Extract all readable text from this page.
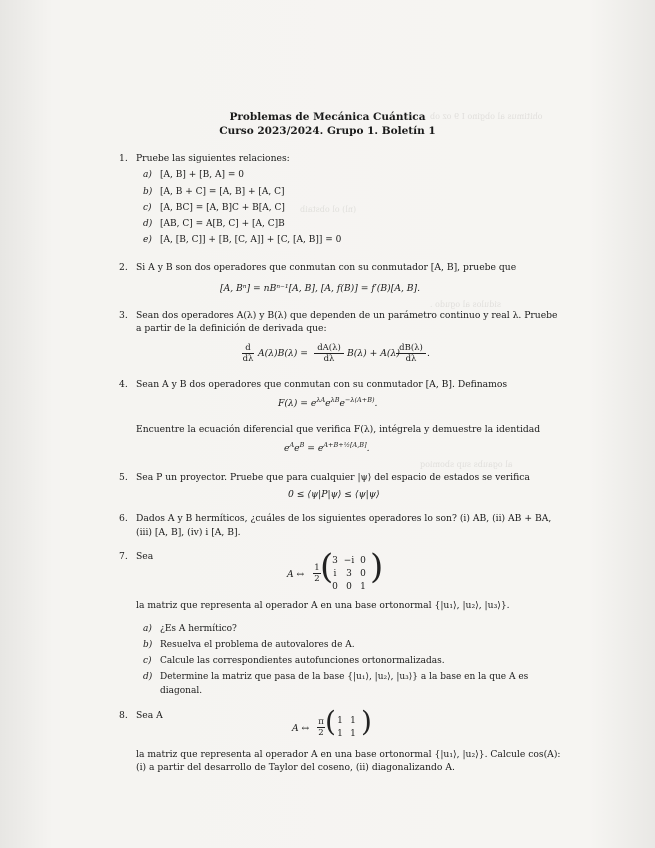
ohitimus al obgino I 9 oz ob
(nl) ol obstaib
sidulos al ogudo .
al ogaubs sup sbomioq
Problemas de Mecánica Cuántica
Curso 2023/2024. Grupo 1. Boletín 1
1. Pruebe las siguientes relaciones:
a) [A, B] + [B, A] = 0
b) [A, B + C] = [A, B] + [A, C]
c) [A, BC] = [A, B]C + B[A, C]
d) [AB, C] = A[B, C] + [A, C]B
e) [A, [B, C]] + [B, [C, A]] + [C, [A, B]] = 0
2. Si A y B son dos operadores que conmutan con su conmutador [A, B], pruebe que
[A, Bⁿ] = nBⁿ⁻¹[A, B], [A, f(B)] = f′(B)[A, B].
3. Sean dos operadores A(λ) y B(λ) que dependen de un parámetro continuo y real λ. Pruebe
a partir de la definición de derivada que:
d
dλ A(λ)B(λ) = dA(λ)
dλ B(λ) + A(λ) dB(λ)
dλ .
4. Sean A y B dos operadores que conmutan con su conmutador [A, B]. Definamos
$F(\lambda) = e^{\lambda A}e^{\lambda B}e^{-\lambda(A+B)}$.
Encuentre la ecuación diferencial que verifica F(λ), intégrela y demuestre la identidad
$e^Ae^B = e^{A+B+\frac{1}{2}[A,B]}$.
5. Sea P un proyector. Pruebe que para cualquier |ψ⟩ del espacio de estados se verifica
0 ≤ ⟨ψ|P|ψ⟩ ≤ ⟨ψ|ψ⟩
6. Dados A y B hermíticos, ¿cuáles de los siguientes operadores lo son? (i) AB, (ii) AB + BA,
(iii) [A, B], (iv) i [A, B].
7. Sea
A ↔
1
2 (
3 −i 0
i	3 0
0 0 1 )
la matriz que representa al operador A en una base ortonormal {|u₁⟩, |u₂⟩, |u₃⟩}.
a) ¿Es A hermítico?
b) Resuelva el problema de autovalores de A.
c) Calcule las correspondientes autofunciones ortonormalizadas.
d) Determine la matriz que pasa de la base {|u₁⟩, |u₂⟩, |u₃⟩} a la base en la que A es
diagonal.
8. Sea A
A ↔
π
2 ( 1 1
1 1 )
la matriz que representa al operador A en una base ortonormal {|u₁⟩, |u₂⟩}. Calcule cos(A):
(i) a partir del desarrollo de Taylor del coseno, (ii) diagonalizando A.
